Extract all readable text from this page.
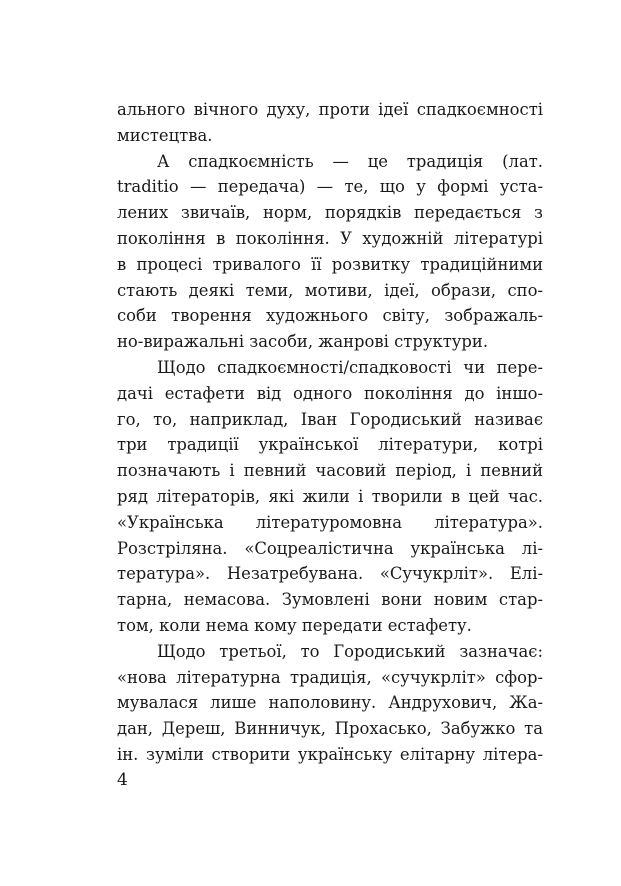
ального вічного духу, проти ідеї спадкоємності
мистецтва.
А спадкоємність — це традиція (лат.
traditio — передача) — те, що у формі уста-
лених звичаїв, норм, порядків передається з
покоління в покоління. У художній літературі
в процесі тривалого її розвитку традиційними
стають деякі теми, мотиви, ідеї, образи, спо-
соби творення художнього світу, зображаль-
но-виражальні засоби, жанрові структури.
Щодо спадкоємності/спадковості чи пере-
дачі естафети від одного покоління до іншо-
го, то, наприклад, Іван Городиський називає
три традиції української літератури, котрі
позначають і певний часовий період, і певний
ряд літераторів, які жили і творили в цей час.
«Українська літературомовна література».
Розстріляна. «Соцреалістична українська лі-
тература». Незатребувана. «Сучукрліт». Елі-
тарна, немасова. Зумовлені вони новим стар-
том, коли нема кому передати естафету.
Щодо третьої, то Городиський зазначає:
«нова літературна традиція, «сучукрліт» сфор-
мувалася лише наполовину. Андрухович, Жа-
дан, Дереш, Винничук, Прохасько, Забужко та
ін. зуміли створити українську елітарну літера-
4
